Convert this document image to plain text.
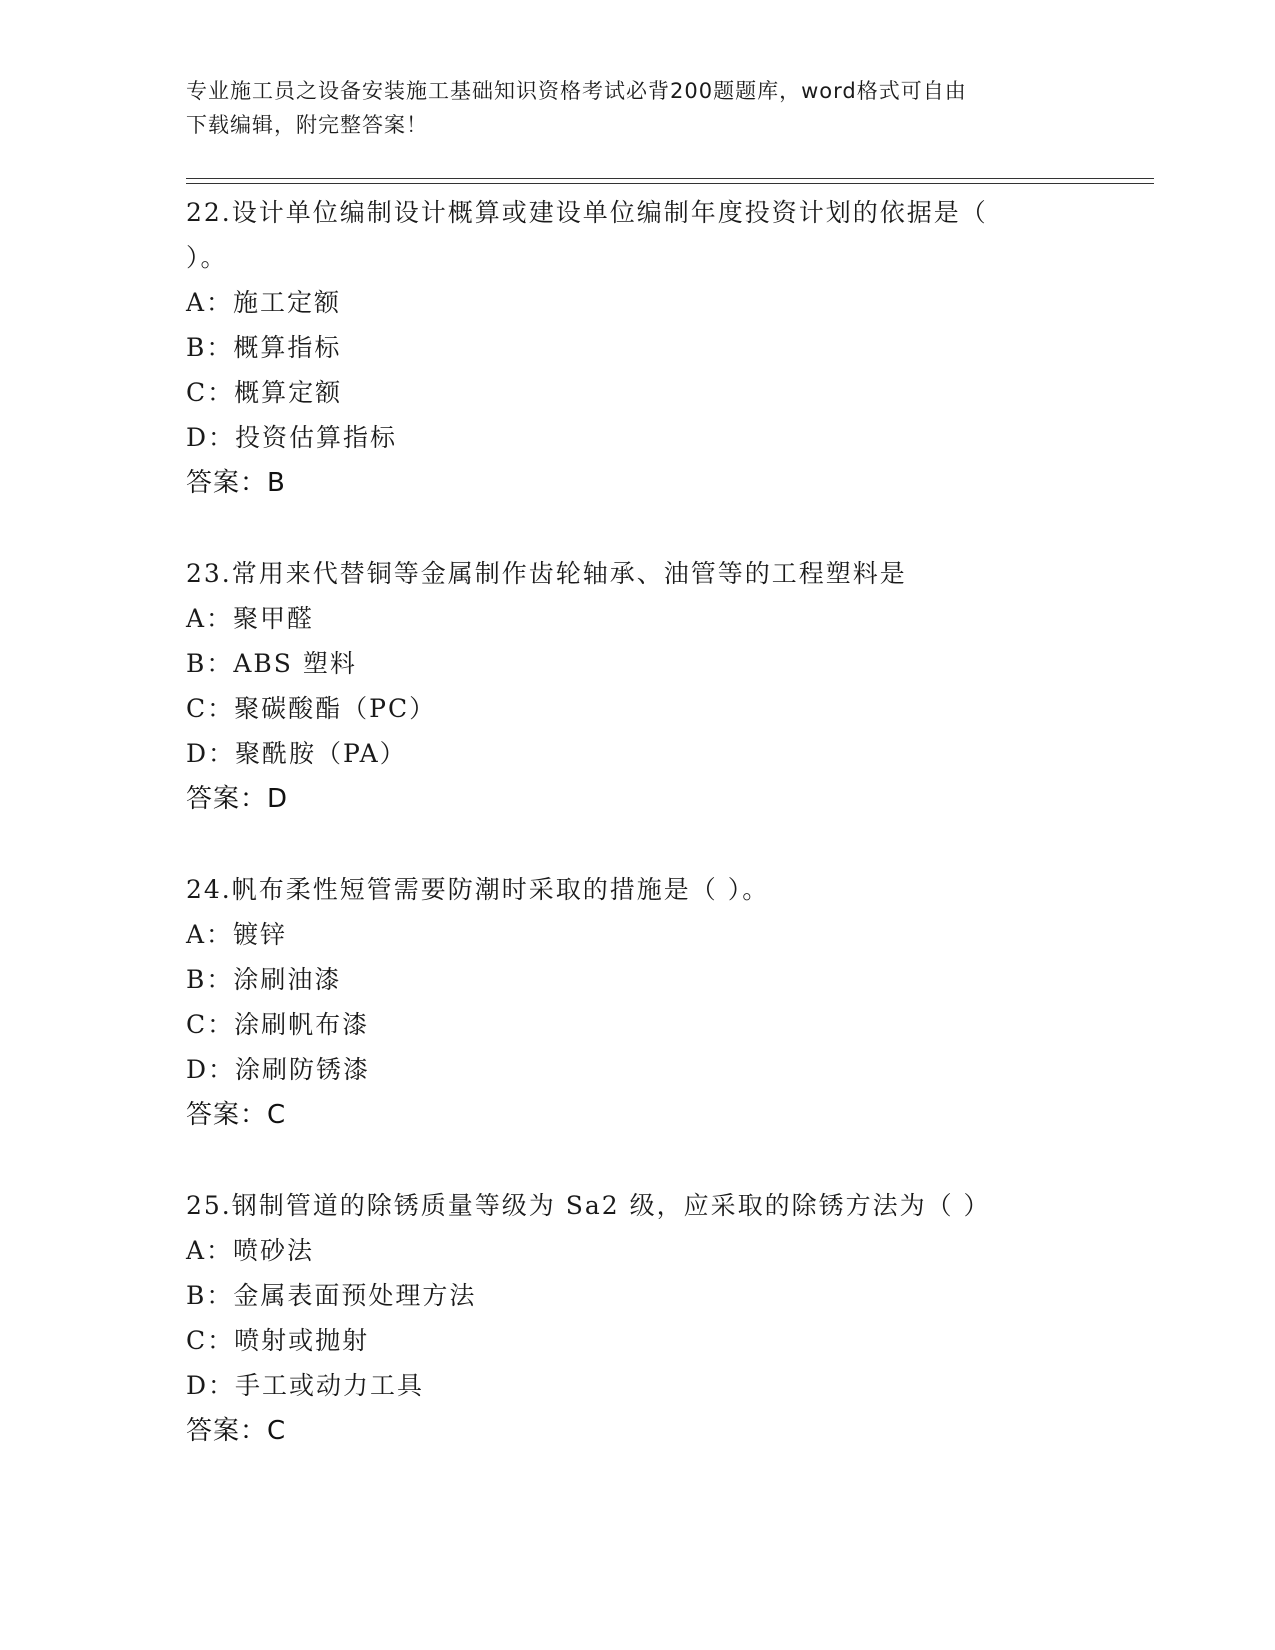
专业施工员之设备安装施工基础知识资格考试必背200题题库，word格式可自由
下载编辑，附完整答案！

22.设计单位编制设计概算或建设单位编制年度投资计划的依据是（

）。

A：施工定额

B：概算指标

C：概算定额

D：投资估算指标

答案：B

23.常用来代替铜等金属制作齿轮轴承、油管等的工程塑料是

A：聚甲醛

B：ABS 塑料

C：聚碳酸酯（PC）

D：聚酰胺（PA）

答案：D

24.帆布柔性短管需要防潮时采取的措施是（ ）。

A：镀锌

B：涂刷油漆

C：涂刷帆布漆

D：涂刷防锈漆

答案：C

25.钢制管道的除锈质量等级为 Sa2 级，应采取的除锈方法为（ ）

A：喷砂法

B：金属表面预处理方法

C：喷射或抛射

D：手工或动力工具

答案：C
